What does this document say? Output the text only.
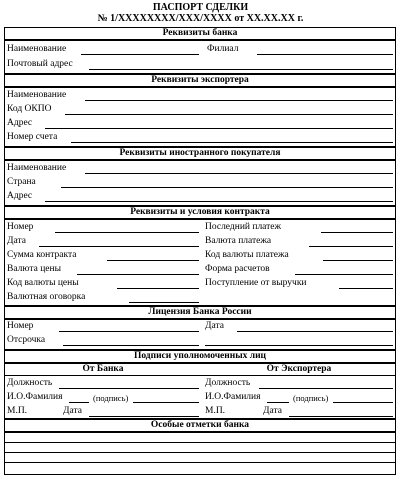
ПАСПОРТ СДЕЛКИ
№ 1/XXXXXXXX/XXX/XXXX от XX.XX.XX г.
Реквизиты банка
Наименование	Филиал
Почтовый адрес
Реквизиты экспортера
Наименование
Код ОКПО
Адрес
Номер счета
Реквизиты иностранного покупателя
Наименование
Страна
Адрес
Реквизиты и условия контракта
Номер	Последний платеж
Дата	Валюта платежа
Сумма контракта	Код валюты платежа
Валюта цены	Форма расчетов
Код валюты цены	Поступление от выручки
Валютная оговорка
Лицензия Банка России
Номер	Дата
Отсрочка
Подписи уполномоченных лиц
От Банка	От Экспортера
Должность	Должность
И.О.Фамилия	(подпись)	И.О.Фамилия	(подпись)
М.П.	Дата	М.П.	Дата
Особые отметки банка
